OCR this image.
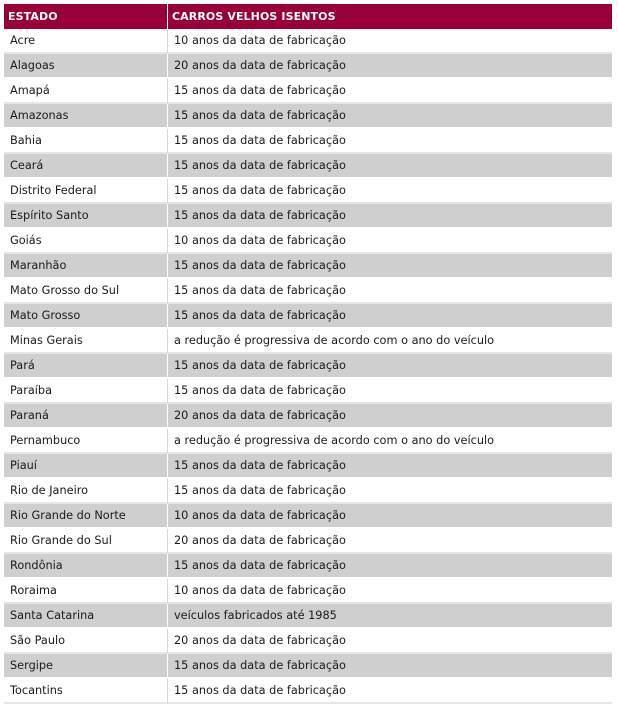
ESTADO	CARROS VELHOS ISENTOS
Acre	10 anos da data de fabricação
Alagoas	20 anos da data de fabricação
Amapá	15 anos da data de fabricação
Amazonas	15 anos da data de fabricação
Bahia	15 anos da data de fabricação
Ceará	15 anos da data de fabricação
Distrito Federal	15 anos da data de fabricação
Espírito Santo	15 anos da data de fabricação
Goiás	10 anos da data de fabricação
Maranhão	15 anos da data de fabricação
Mato Grosso do Sul	15 anos da data de fabricação
Mato Grosso	15 anos da data de fabricação
Minas Gerais	a redução é progressiva de acordo com o ano do veículo
Pará	15 anos da data de fabricação
Paraíba	15 anos da data de fabricação
Paraná	20 anos da data de fabricação
Pernambuco	a redução é progressiva de acordo com o ano do veículo
Piauí	15 anos da data de fabricação
Rio de Janeiro	15 anos da data de fabricação
Rio Grande do Norte	10 anos da data de fabricação
Rio Grande do Sul	20 anos da data de fabricação
Rondônia	15 anos da data de fabricação
Roraima	10 anos da data de fabricação
Santa Catarina	veículos fabricados até 1985
São Paulo	20 anos da data de fabricação
Sergipe	15 anos da data de fabricação
Tocantins	15 anos da data de fabricação
